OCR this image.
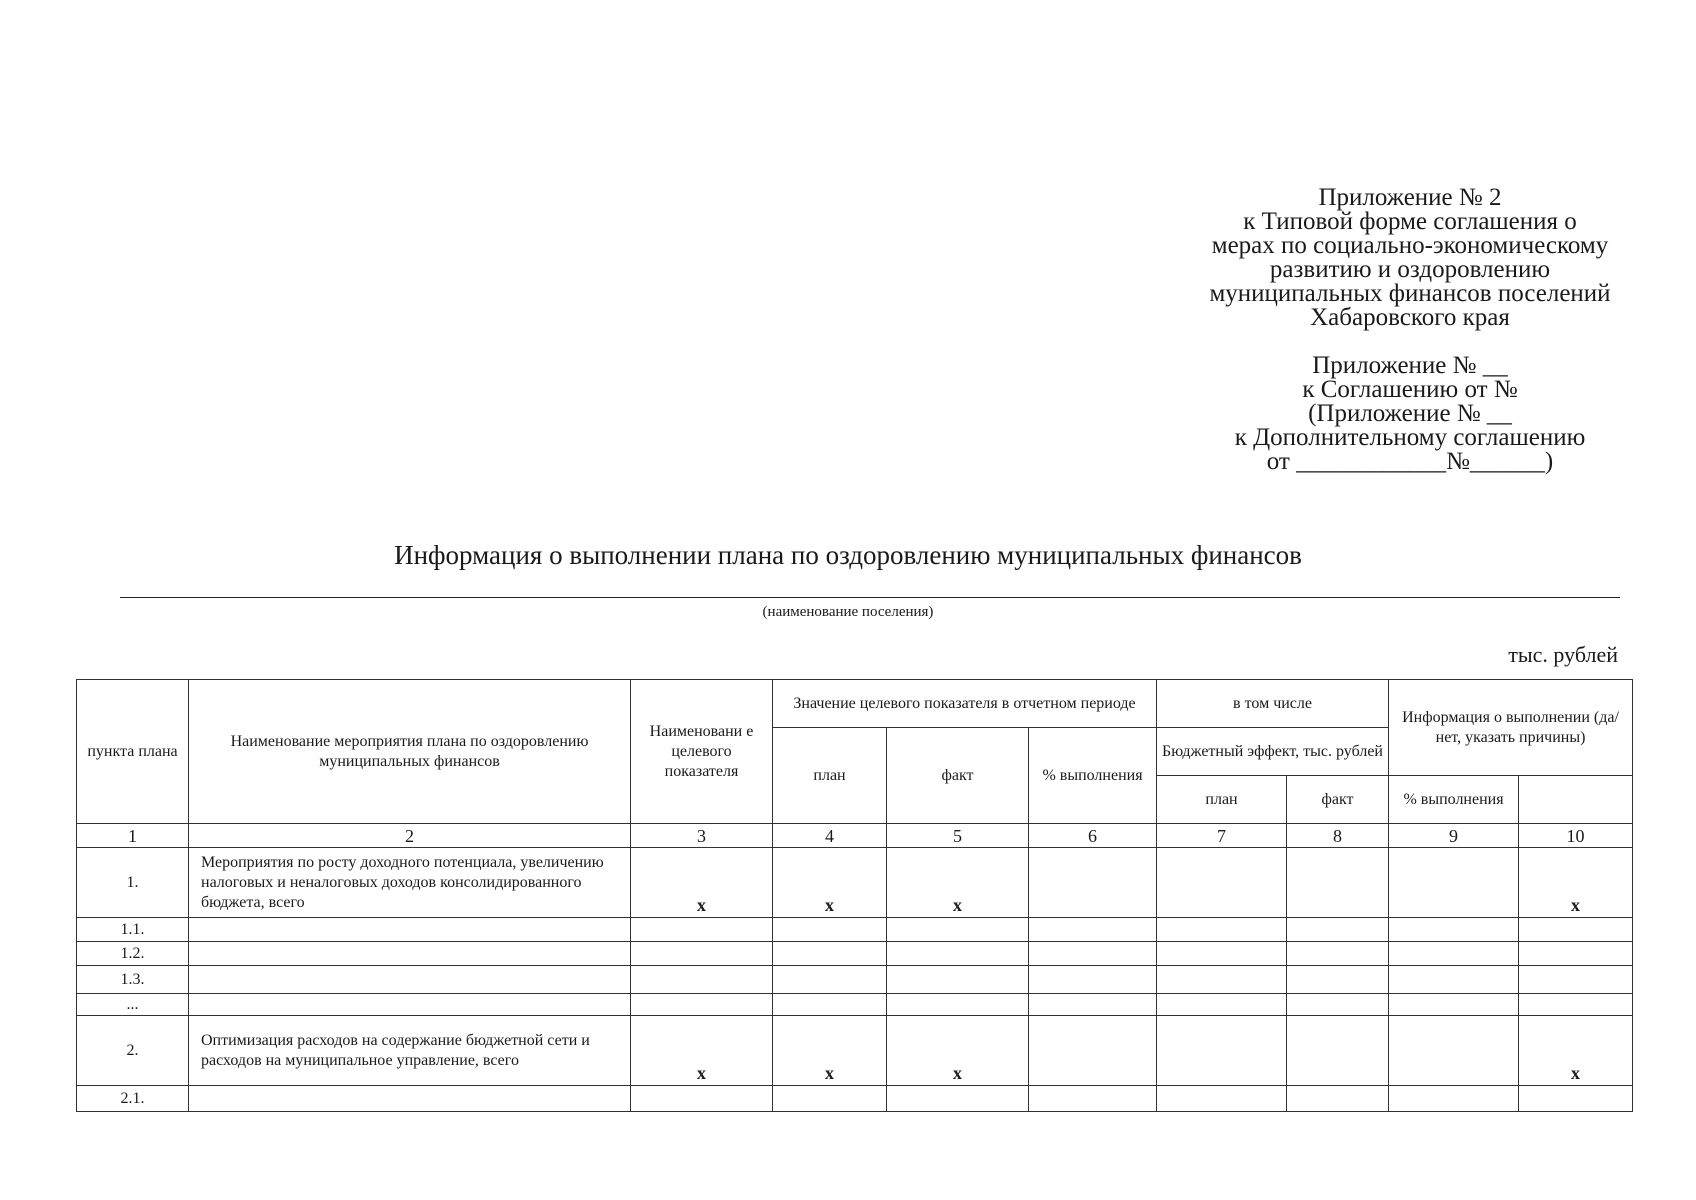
Приложение № 2
к Типовой форме соглашения о
мерах по социально-экономическому
развитию и оздоровлению
муниципальных финансов поселений
Хабаровского края
Приложение № __
к Соглашению от №
(Приложение № __
к Дополнительному соглашению
от ____________№______)
Информация о выполнении плана по оздоровлению муниципальных финансов
(наименование поселения)
тыс. рублей
пункта плана	Наименование мероприятия плана по оздоровлению муниципальных финансов	Наименовани е целевого показателя	Значение целевого показателя в отчетном периоде			в том числе		Информация о выполнении (да/нет, указать причины)	
			план	факт	% выполнения	Бюджетный эффект, тыс. рублей			
						план	факт	% выполнения	
1	2	3	4	5	6	7	8	9	10
1.	Мероприятия по росту доходного потенциала, увеличению налоговых и неналоговых доходов консолидированного бюджета, всего	x	x	x					x

1.1.									
1.2.									
1.3.									
...									
2.	Оптимизация расходов на содержание бюджетной сети и расходов на муниципальное управление, всего	x	x	x					x

2.1.									
